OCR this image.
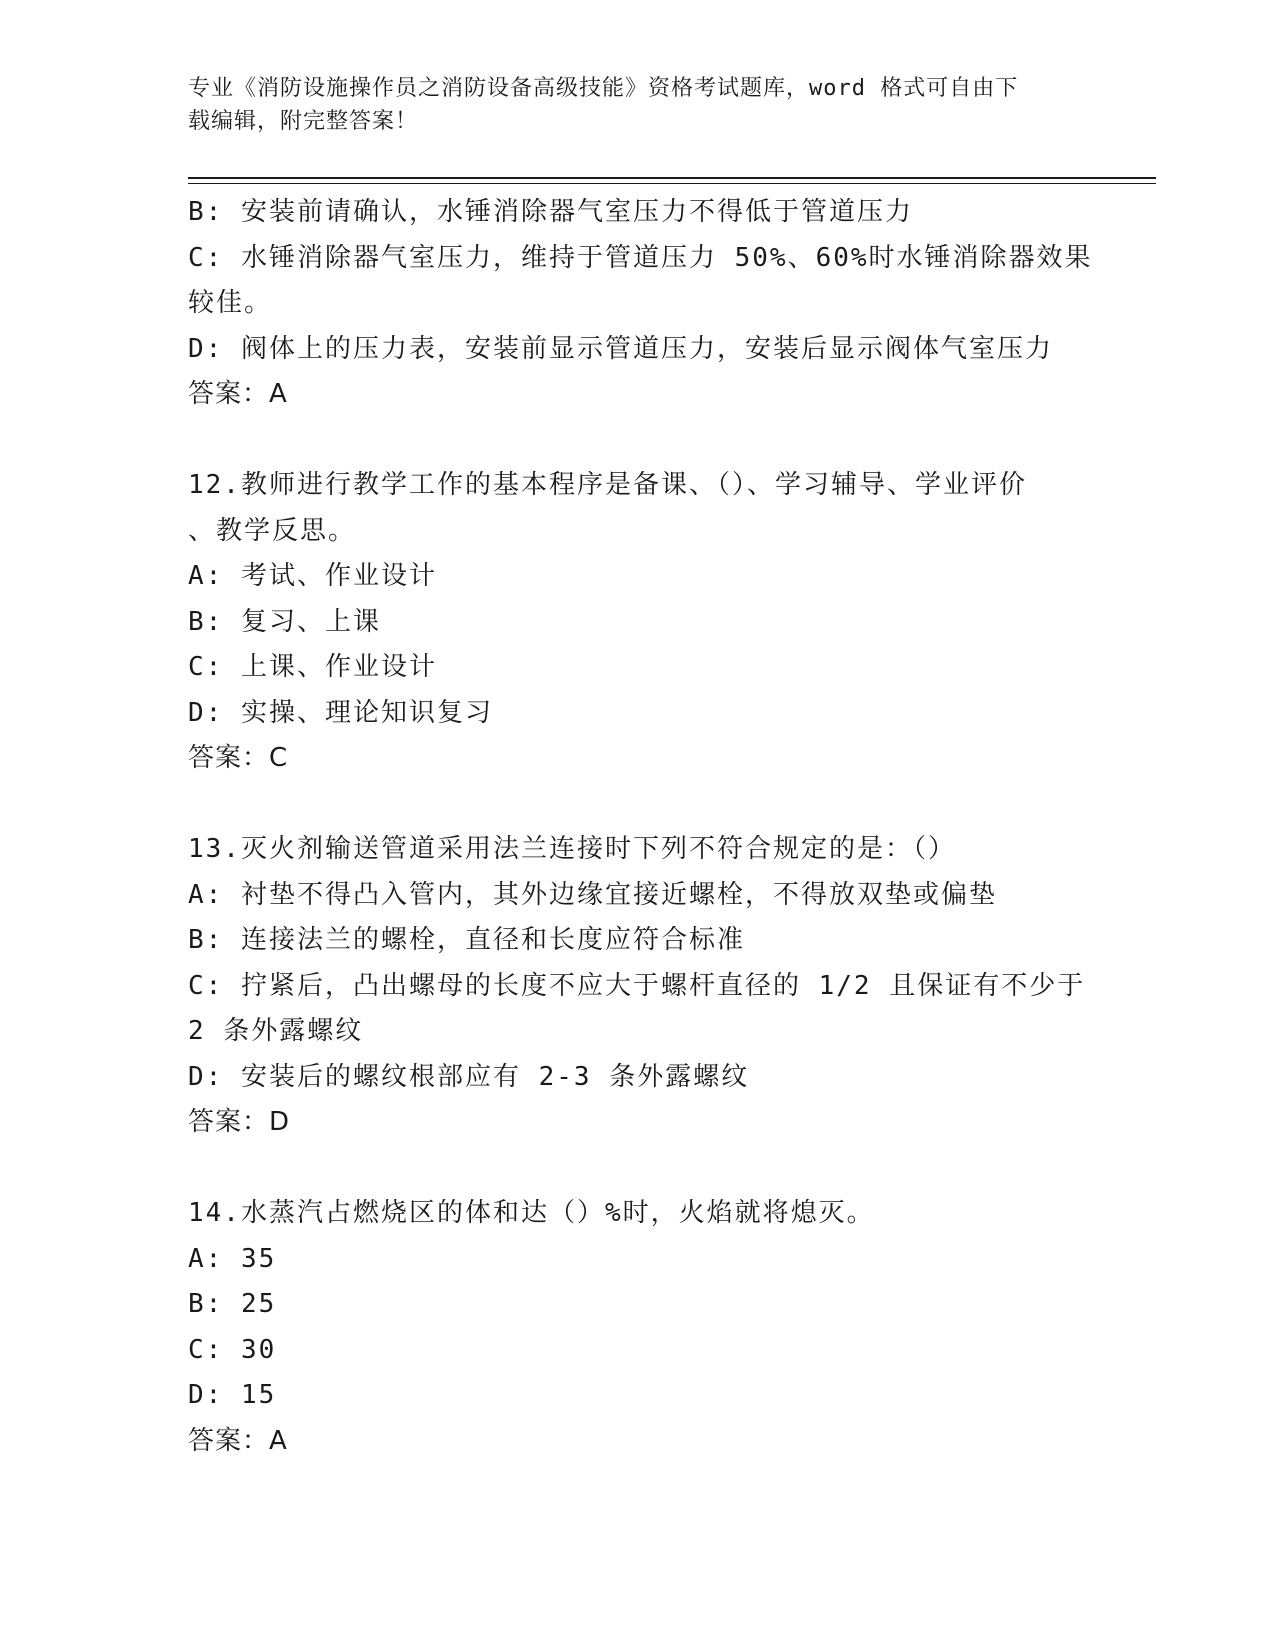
专业《消防设施操作员之消防设备高级技能》资格考试题库，word 格式可自由下
载编辑，附完整答案！
B: 安装前请确认，水锤消除器气室压力不得低于管道压力
C: 水锤消除器气室压力，维持于管道压力 50%、60%时水锤消除器效果
较佳。
D: 阀体上的压力表，安装前显示管道压力，安装后显示阀体气室压力
答案：A
12.教师进行教学工作的基本程序是备课、（）、学习辅导、学业评价
、教学反思。
A: 考试、作业设计
B: 复习、上课
C: 上课、作业设计
D: 实操、理论知识复习
答案：C
13.灭火剂输送管道采用法兰连接时下列不符合规定的是：（）
A: 衬垫不得凸入管内，其外边缘宜接近螺栓，不得放双垫或偏垫
B: 连接法兰的螺栓，直径和长度应符合标准
C: 拧紧后，凸出螺母的长度不应大于螺杆直径的 1/2 且保证有不少于
2 条外露螺纹
D: 安装后的螺纹根部应有 2-3 条外露螺纹
答案：D
14.水蒸汽占燃烧区的体和达（）%时，火焰就将熄灭。
A: 35
B: 25
C: 30
D: 15
答案：A
